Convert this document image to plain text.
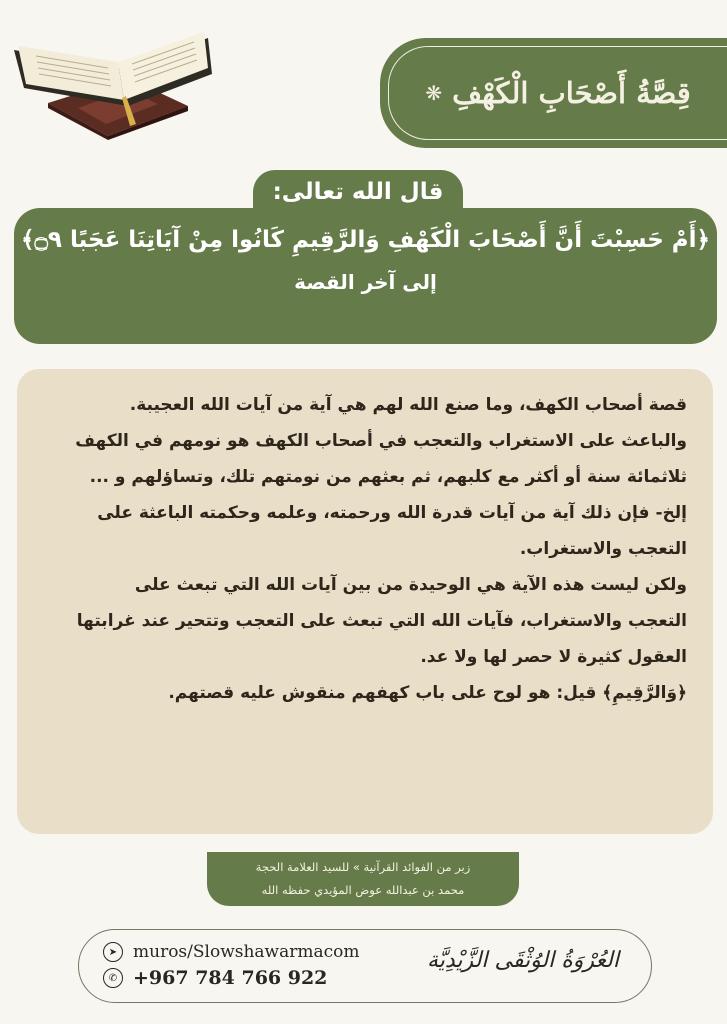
قِصَّةُ أَصْحَابِ الْكَهْفِ
❋
قال الله تعالى:
﴿أَمْ حَسِبْتَ أَنَّ أَصْحَابَ الْكَهْفِ وَالرَّقِيمِ كَانُوا مِنْ آيَاتِنَا عَجَبًا ۝٩﴾
إلى آخر القصة
قصة أصحاب الكهف، وما صنع الله لهم هي آية من آيات الله العجيبة.
والباعث على الاستغراب والتعجب في أصحاب الكهف هو نومهم في الكهف
ثلاثمائة سنة أو أكثر مع كلبهم، ثم بعثهم من نومتهم تلك، وتساؤلهم و ...
إلخ- فإن ذلك آية من آيات قدرة الله ورحمته، وعلمه وحكمته الباعثة على
التعجب والاستغراب.
ولكن ليست هذه الآية هي الوحيدة من بين آيات الله التي تبعث على
التعجب والاستغراب، فآيات الله التي تبعث على التعجب وتتحير عند غرابتها
العقول كثيرة لا حصر لها ولا عد.
﴿وَالرَّقِيمِ﴾ قيل: هو لوح على باب كهفهم منقوش عليه قصتهم.
زبر من الفوائد القرآنية » للسيد العلامة الحجة
محمد بن عبدالله عوض المؤيدي حفظه الله
➤ muros/Slowshawarmacom
✆ +967 784 766 922
العُرْوَةُ الوُثْقَى الزَّيْدِيَّة
